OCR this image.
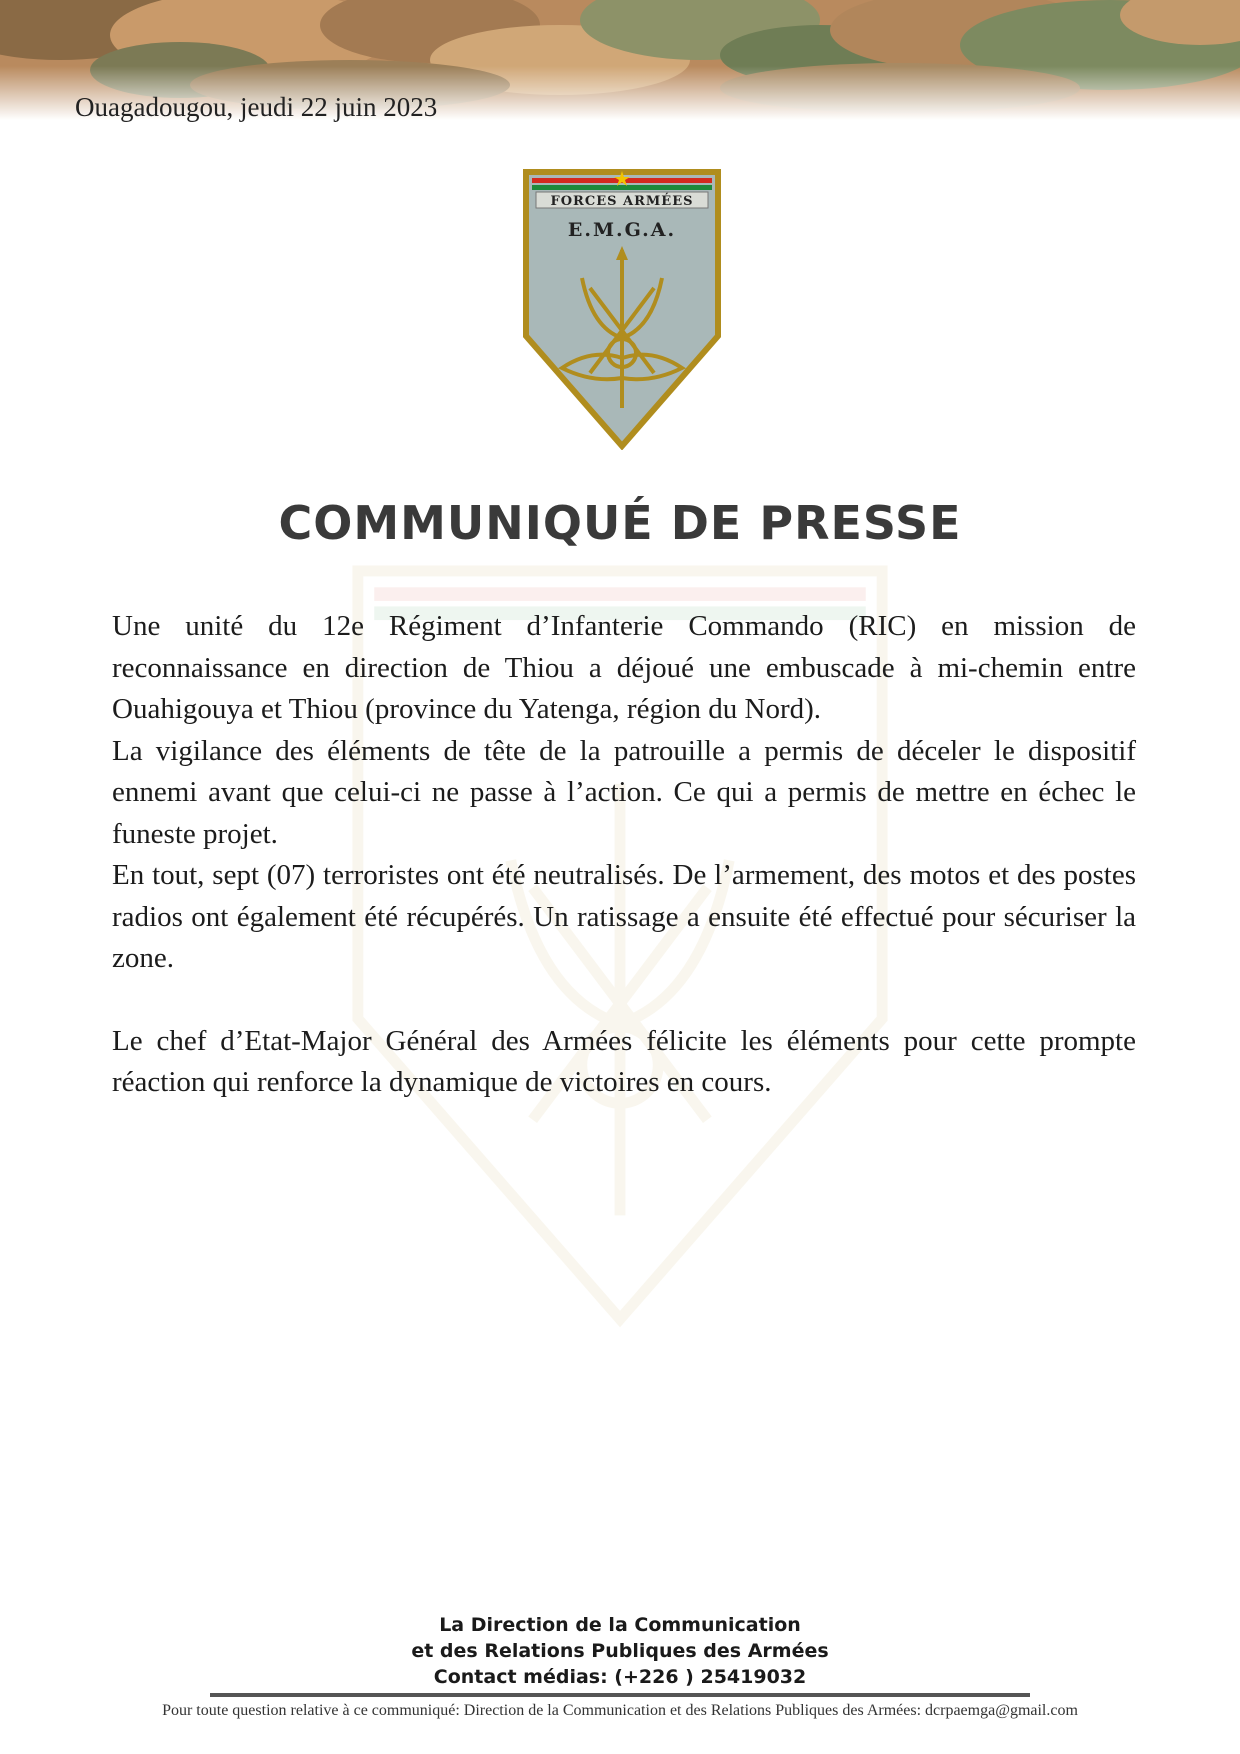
Ouagadougou, jeudi 22 juin 2023
FORCES ARMÉES
E.M.G.A.
COMMUNIQUÉ DE PRESSE

Une unité du 12e Régiment d’Infanterie Commando (RIC) en mission de reconnaissance en direction de Thiou a déjoué une embuscade à mi-chemin entre Ouahigouya et Thiou (province du Yatenga, région du Nord).

La vigilance des éléments de tête de la patrouille a permis de déceler le dispositif ennemi avant que celui-ci ne passe à l’action. Ce qui a permis de mettre en échec le funeste projet.

En tout, sept (07) terroristes ont été neutralisés. De l’armement, des motos et des postes radios ont également été récupérés. Un ratissage a ensuite été effectué pour sécuriser la zone.

Le chef d’Etat-Major Général des Armées félicite les éléments pour cette prompte réaction qui renforce la dynamique de victoires en cours.

La Direction de la Communication
et des Relations Publiques des Armées
Contact médias: (+226 ) 25419032
Pour toute question relative à ce communiqué: Direction de la Communication et des Relations Publiques des Armées: dcrpaemga@gmail.com
